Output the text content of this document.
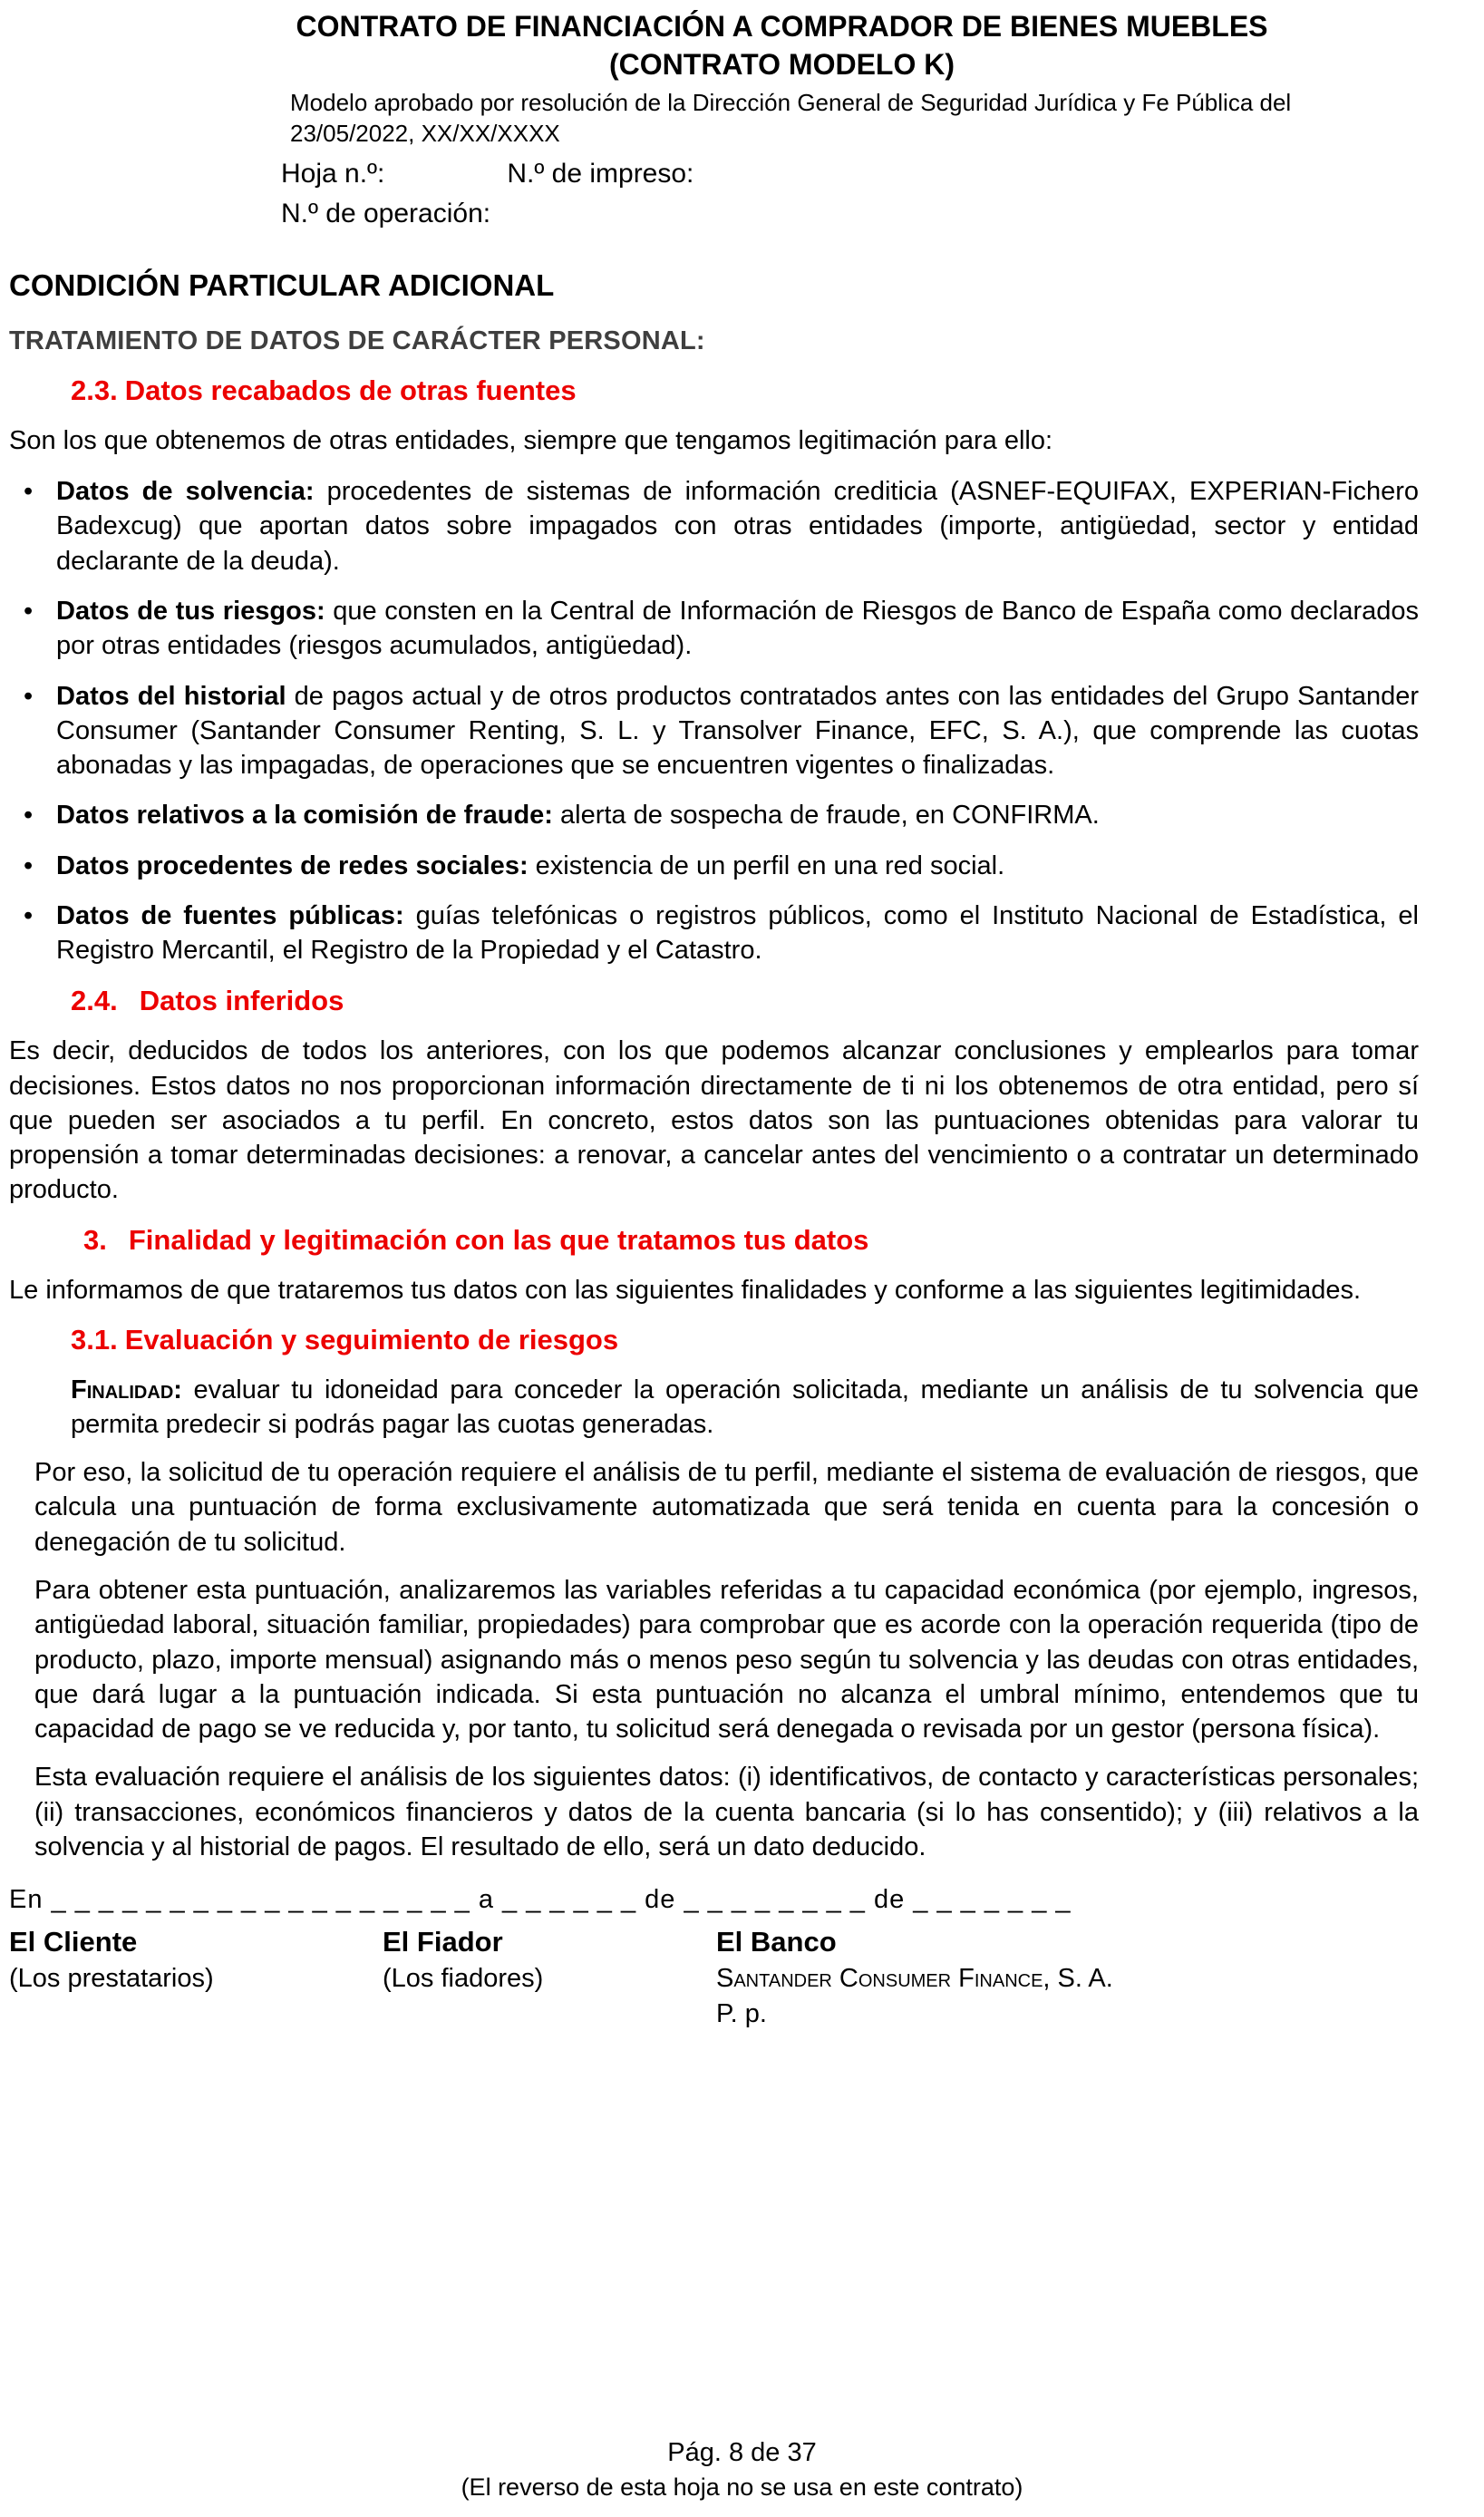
CONTRATO DE FINANCIACIÓN A COMPRADOR DE BIENES MUEBLES
(CONTRATO MODELO K)
Modelo aprobado por resolución de la Dirección General de Seguridad Jurídica y Fe Pública del 23/05/2022, XX/XX/XXXX
Hoja n.º:	N.º de impreso:
N.º de operación:
CONDICIÓN PARTICULAR ADICIONAL
TRATAMIENTO DE DATOS DE CARÁCTER PERSONAL:
2.3. Datos recabados de otras fuentes

Son los que obtenemos de otras entidades, siempre que tengamos legitimación para ello:

• Datos de solvencia: procedentes de sistemas de información crediticia (ASNEF-EQUIFAX, EXPERIAN-Fichero Badexcug) que aportan datos sobre impagados con otras entidades (importe, antigüedad, sector y entidad declarante de la deuda).
• Datos de tus riesgos: que consten en la Central de Información de Riesgos de Banco de España como declarados por otras entidades (riesgos acumulados, antigüedad).
• Datos del historial de pagos actual y de otros productos contratados antes con las entidades del Grupo Santander Consumer (Santander Consumer Renting, S. L. y Transolver Finance, EFC, S. A.), que comprende las cuotas abonadas y las impagadas, de operaciones que se encuentren vigentes o finalizadas.
• Datos relativos a la comisión de fraude: alerta de sospecha de fraude, en CONFIRMA.
• Datos procedentes de redes sociales: existencia de un perfil en una red social.
• Datos de fuentes públicas: guías telefónicas o registros públicos, como el Instituto Nacional de Estadística, el Registro Mercantil, el Registro de la Propiedad y el Catastro.
2.4. Datos inferidos

Es decir, deducidos de todos los anteriores, con los que podemos alcanzar conclusiones y emplearlos para tomar decisiones. Estos datos no nos proporcionan información directamente de ti ni los obtenemos de otra entidad, pero sí que pueden ser asociados a tu perfil. En concreto, estos datos son las puntuaciones obtenidas para valorar tu propensión a tomar determinadas decisiones: a renovar, a cancelar antes del vencimiento o a contratar un determinado producto.

3. Finalidad y legitimación con las que tratamos tus datos

Le informamos de que trataremos tus datos con las siguientes finalidades y conforme a las siguientes legitimidades.

3.1. Evaluación y seguimiento de riesgos

Finalidad: evaluar tu idoneidad para conceder la operación solicitada, mediante un análisis de tu solvencia que permita predecir si podrás pagar las cuotas generadas.

Por eso, la solicitud de tu operación requiere el análisis de tu perfil, mediante el sistema de evaluación de riesgos, que calcula una puntuación de forma exclusivamente automatizada que será tenida en cuenta para la concesión o denegación de tu solicitud.

Para obtener esta puntuación, analizaremos las variables referidas a tu capacidad económica (por ejemplo, ingresos, antigüedad laboral, situación familiar, propiedades) para comprobar que es acorde con la operación requerida (tipo de producto, plazo, importe mensual) asignando más o menos peso según tu solvencia y las deudas con otras entidades, que dará lugar a la puntuación indicada. Si esta puntuación no alcanza el umbral mínimo, entendemos que tu capacidad de pago se ve reducida y, por tanto, tu solicitud será denegada o revisada por un gestor (persona física).

Esta evaluación requiere el análisis de los siguientes datos: (i) identificativos, de contacto y características personales; (ii) transacciones, económicos financieros y datos de la cuenta bancaria (si lo has consentido); y (iii) relativos a la solvencia y al historial de pagos. El resultado de ello, será un dato deducido.

En _ _ _ _ _ _ _ _ _ _ _ _ _ _ _ _ _ _ a _ _ _ _ _ _ de _ _ _ _ _ _ _ _ de _ _ _ _ _ _ _
El Cliente
(Los prestatarios)
El Fiador
(Los fiadores)
El Banco
Santander Consumer Finance, S. A.
P. p.
Pág. 8 de 37
(El reverso de esta hoja no se usa en este contrato)
